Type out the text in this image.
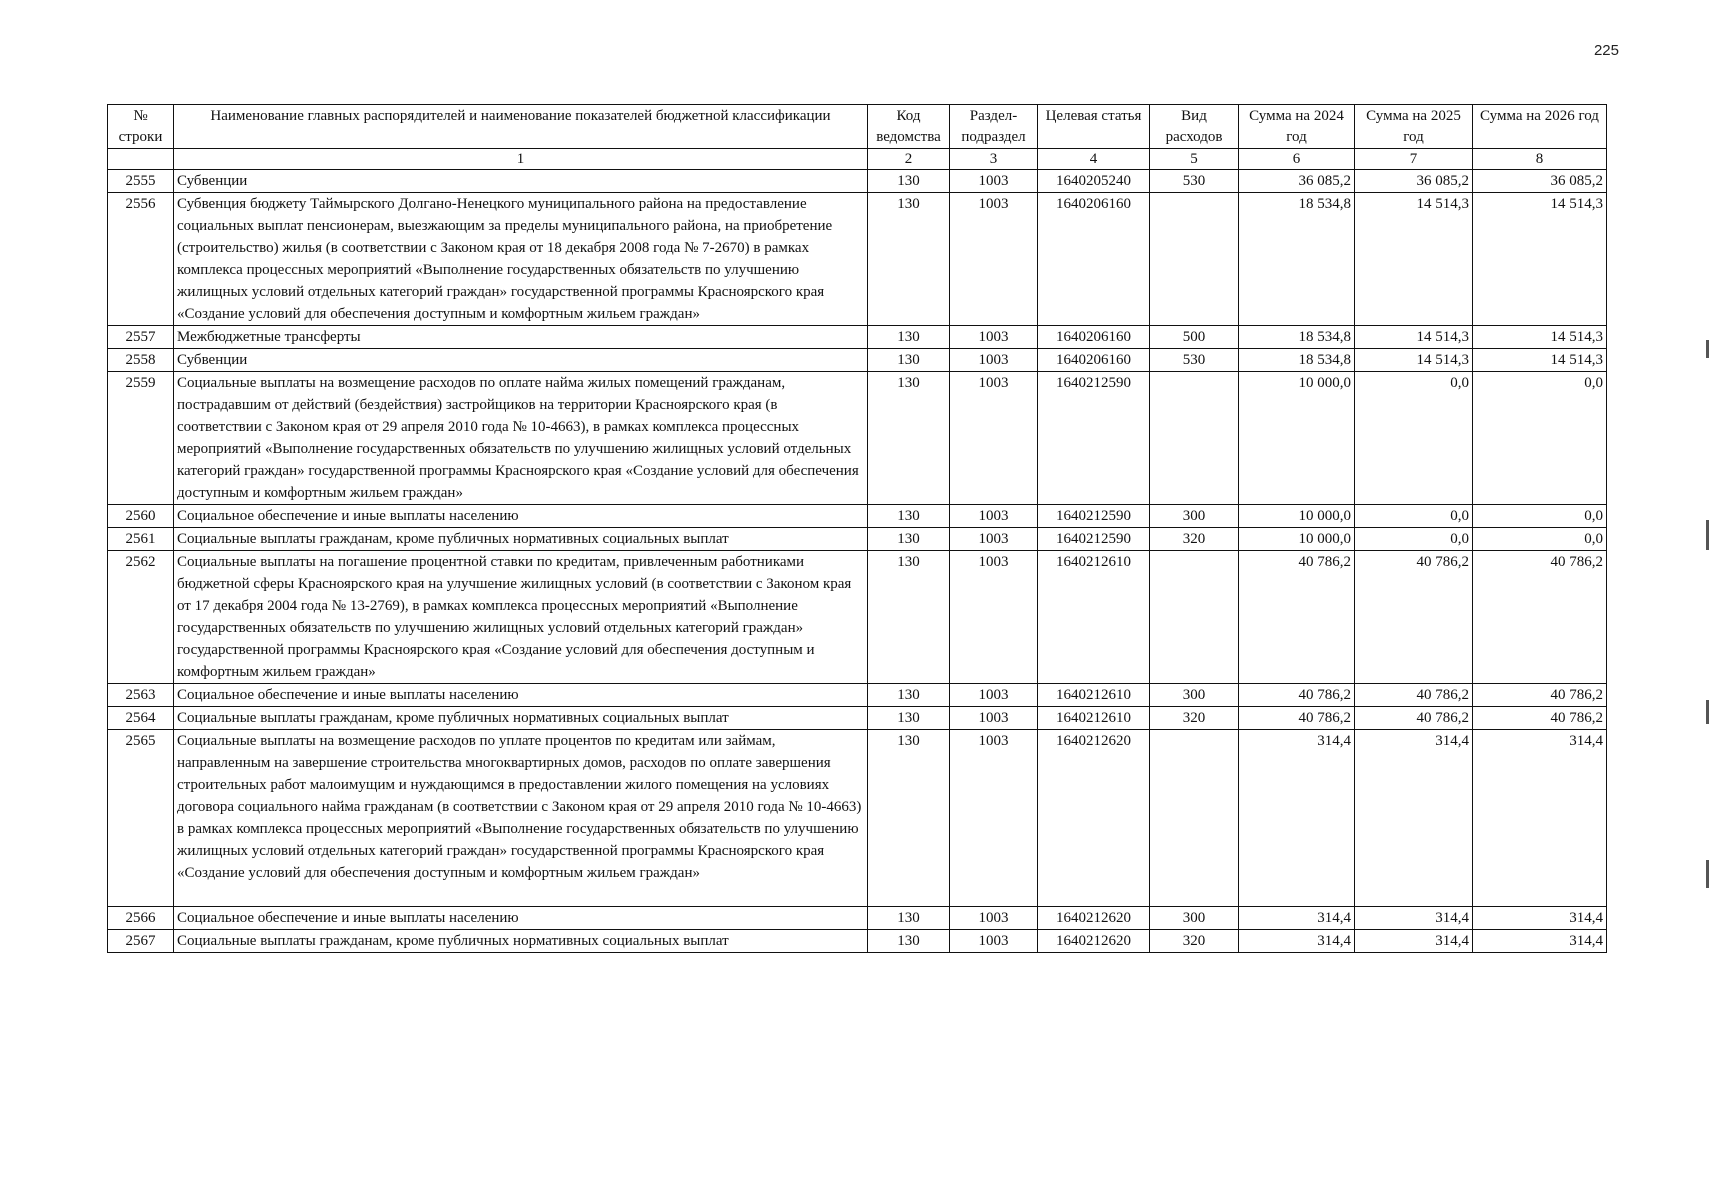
225
№ строки	Наименование главных распорядителей и наименование показателей бюджетной классификации	Код ведомства	Раздел-подраздел	Целевая статья	Вид расходов	Сумма на 2024 год	Сумма на 2025 год	Сумма на 2026 год
	1	2	3	4	5	6	7	8
2555	Субвенции	130	1003	1640205240	530	36 085,2	36 085,2	36 085,2
2556	Субвенция бюджету Таймырского Долгано-Ненецкого муниципального района на предоставление социальных выплат пенсионерам, выезжающим за пределы муниципального района, на приобретение (строительство) жилья (в соответствии с Законом края от 18 декабря 2008 года № 7-2670) в рамках комплекса процессных мероприятий «Выполнение государственных обязательств по улучшению жилищных условий отдельных категорий граждан» государственной программы Красноярского края «Создание условий для обеспечения доступным и комфортным жильем граждан»	130	1003	1640206160		18 534,8	14 514,3	14 514,3
2557	Межбюджетные трансферты	130	1003	1640206160	500	18 534,8	14 514,3	14 514,3
2558	Субвенции	130	1003	1640206160	530	18 534,8	14 514,3	14 514,3
2559	Социальные выплаты на возмещение расходов по оплате найма жилых помещений гражданам, пострадавшим от действий (бездействия) застройщиков на территории Красноярского края (в соответствии с Законом края от 29 апреля 2010 года № 10-4663), в рамках комплекса процессных мероприятий «Выполнение государственных обязательств по улучшению жилищных условий отдельных категорий граждан» государственной программы Красноярского края «Создание условий для обеспечения доступным и комфортным жильем граждан»	130	1003	1640212590		10 000,0	0,0	0,0
2560	Социальное обеспечение и иные выплаты населению	130	1003	1640212590	300	10 000,0	0,0	0,0
2561	Социальные выплаты гражданам, кроме публичных нормативных социальных выплат	130	1003	1640212590	320	10 000,0	0,0	0,0
2562	Социальные выплаты на погашение процентной ставки по кредитам, привлеченным работниками бюджетной сферы Красноярского края на улучшение жилищных условий (в соответствии с Законом края от 17 декабря 2004 года № 13-2769), в рамках комплекса процессных мероприятий «Выполнение государственных обязательств по улучшению жилищных условий отдельных категорий граждан» государственной программы Красноярского края «Создание условий для обеспечения доступным и комфортным жильем граждан»	130	1003	1640212610		40 786,2	40 786,2	40 786,2
2563	Социальное обеспечение и иные выплаты населению	130	1003	1640212610	300	40 786,2	40 786,2	40 786,2
2564	Социальные выплаты гражданам, кроме публичных нормативных социальных выплат	130	1003	1640212610	320	40 786,2	40 786,2	40 786,2
2565	Социальные выплаты на возмещение расходов по уплате процентов по кредитам или займам, направленным на завершение строительства многоквартирных домов, расходов по оплате завершения строительных работ малоимущим и нуждающимся в предоставлении жилого помещения на условиях договора социального найма гражданам (в соответствии с Законом края от 29 апреля 2010 года № 10-4663) в рамках комплекса процессных мероприятий «Выполнение государственных обязательств по улучшению жилищных условий отдельных категорий граждан» государственной программы Красноярского края «Создание условий для обеспечения доступным и комфортным жильем граждан»	130	1003	1640212620		314,4	314,4	314,4
2566	Социальное обеспечение и иные выплаты населению	130	1003	1640212620	300	314,4	314,4	314,4
2567	Социальные выплаты гражданам, кроме публичных нормативных социальных выплат	130	1003	1640212620	320	314,4	314,4	314,4
